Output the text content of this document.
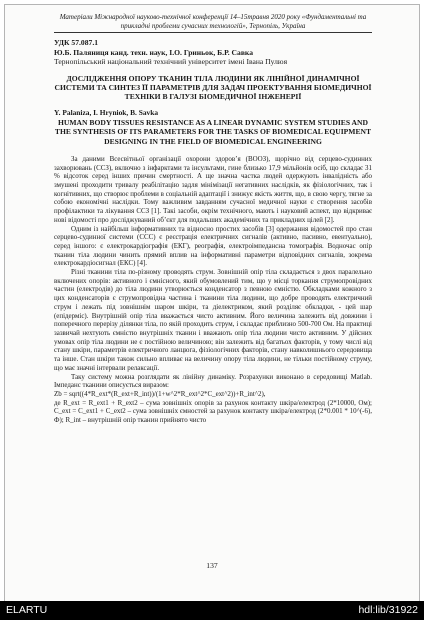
Матеріали Міжнародної науково-технічної конференції 14–15травня 2020 року «Фундаментальні та прикладні проблеми сучасних технологій», Тернопіль, Україна
УДК 57.087.1
Ю.Б. Паляниця канд. техн. наук, І.О. Гриньок, Б.Р. Савка
Тернопільський національний технічний університет імені Івана Пулюя
ДОСЛІДЖЕННЯ ОПОРУ ТКАНИН ТІЛА ЛЮДИНИ ЯК ЛІНІЙНОЇ ДИНАМІЧНОЇ СИСТЕМИ ТА СИНТЕЗ ЇЇ ПАРАМЕТРІВ ДЛЯ ЗАДАЧ ПРОЕКТУВАННЯ БІОМЕДИЧНОЇ ТЕХНІКИ В ГАЛУЗІ БІОМЕДИЧНОЇ ІНЖЕНЕРІЇ
Y. Palaniza, I. Hryniok, B. Savka
HUMAN BODY TISSUES RESISTANCE AS A LINEAR DYNAMIC SYSTEM STUDIES AND THE SYNTHESIS OF ITS PARAMETERS FOR THE TASKS OF BIOMEDICAL EQUIPMENT DESIGNING IN THE FIELD OF BIOMEDICAL ENGINEERING

За даними Всесвітньої організації охорони здоров’я (ВООЗ), щорічно від серцево-судинних захворювань (ССЗ), включно з інфарктами та інсультами, гине близько 17,9 мільйонів осіб, що складає 31 % відсоток серед інших причин смертності. А ще значна частка людей одержують інвалідність або змушені проходити тривалу реабілітацію задля мінімізації негативних наслідків, як фізіологічних, так і когнітивних, що створює проблеми в соціальній адаптації і знижує якість життя, що, в свою чергу, тягне за собою економічні наслідки. Тому важливим завданням сучасної медичної науки є створення засобів профілактики та лікування ССЗ [1]. Такі засоби, окрім технічного, мають і науковий аспект, що відкриває нові відомості про досліджуваний об’єкт для подальших академічних та прикладних цілей [2].

Одним із найбільш інформативних та відносно простих засобів [3] одержання відомостей про стан серцево-судинної системи (ССС) є реєстрація електричних сигналів (активно, пасивно, евентуально), серед іншого: є електрокардіографія (ЕКГ), реографія, електроімпедансна томографія. Водночас опір тканин тіла людини чинить прямий вплив на інформативні параметри відповідних сигналів, зокрема електрокардіосигнал (ЕКС) [4].

Різні тканини тіла по-різному проводять струм. Зовнішній опір тіла складається з двох паралельно включених опорів: активного і ємнісного, який обумовлений тим, що у місці торкання струмопровідних частин (електродів) до тіла людини утворюється конденсатор з певною ємністю. Обкладками кожного з цих конденсаторів є струмопровідна частина і тканини тіла людини, що добре проводять електричний струм і лежать під зовнішнім шаром шкіри, та діелектриком, який розділяє обкладки, - цей шар (епідерміс). Внутрішній опір тіла вважається чисто активним. Його величина залежить від довжини і поперечного перерізу ділянки тіла, по якій проходить струм, і складає приблизно 500-700 Ом. На практиці зазвичай нехтують ємністю внутрішніх тканин і вважають опір тіла людини чисто активним. У дійсних умовах опір тіла людини не є постійною величиною; він залежить від багатьох факторів, у тому числі від стану шкіри, параметрів електричного ланцюга, фізіологічних факторів, стану навколишнього середовища та інше. Стан шкіри також сильно впливає на величину опору тіла людини, не тільки постійному струму, що має значні інтервали релаксації.

Таку систему можна розглядати як лінійну динаміку. Розрахунки виконано в середовищі Matlab. Імпеданс тканини описується виразом:

Zb = sqrt((4*R_ext*(R_ext+R_int))/(1+w^2*R_ext^2*C_ext^2))+R_int^2),

де R_ext = R_ext1 + R_ext2 – сума зовнішніх опорів за рахунок контакту шкіра/електрод (2*10000, Ом); C_ext = C_ext1 + C_ext2 – сума зовнішніх ємностей за рахунок контакту шкіра/електрод (2*0.001 * 10^(-6), Ф); R_int – внутрішній опір тканин прийнято чисто

137
ELARTU	hdl:lib/31922
